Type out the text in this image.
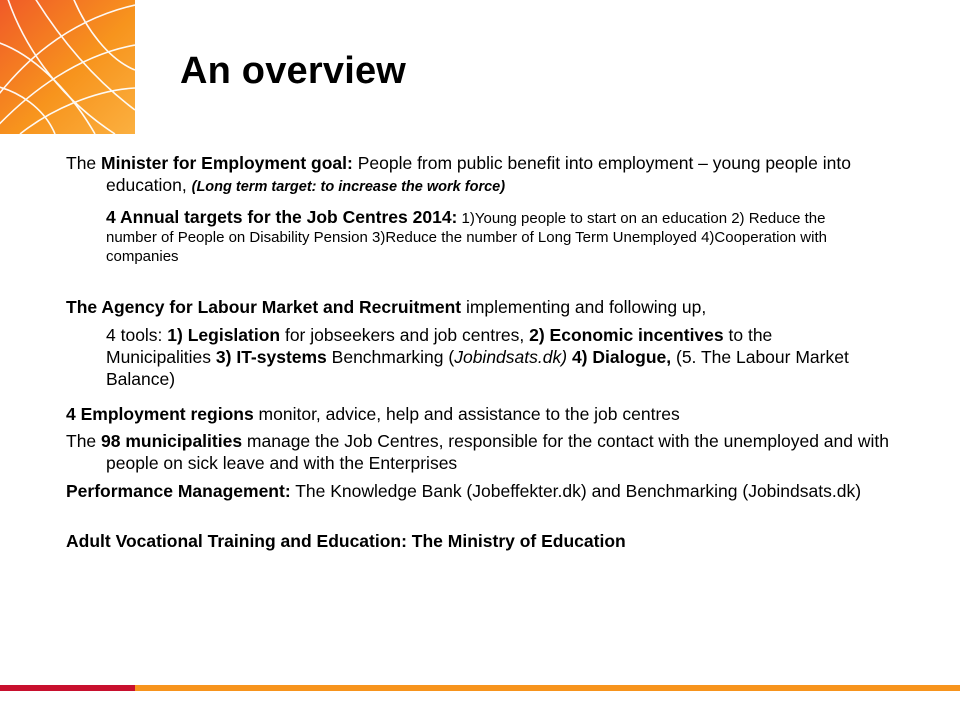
An overview

The Minister for Employment goal: People from public benefit into employment – young people into education, (Long term target: to increase the work force)

4 Annual targets for the Job Centres 2014: 1)Young people to start on an education 2) Reduce the number of People on Disability Pension 3)Reduce the number of Long Term Unemployed 4)Cooperation with companies

The Agency for Labour Market and Recruitment implementing and following up,

4 tools: 1) Legislation for jobseekers and job centres, 2) Economic incentives to the Municipalities 3) IT-systems Benchmarking (Jobindsats.dk) 4) Dialogue, (5. The Labour Market Balance)

4 Employment regions monitor, advice, help and assistance to the job centres

The 98 municipalities manage the Job Centres, responsible for the contact with the unemployed and with people on sick leave and with the Enterprises

Performance Management: The Knowledge Bank (Jobeffekter.dk) and Benchmarking (Jobindsats.dk)

Adult Vocational Training and Education: The Ministry of Education
